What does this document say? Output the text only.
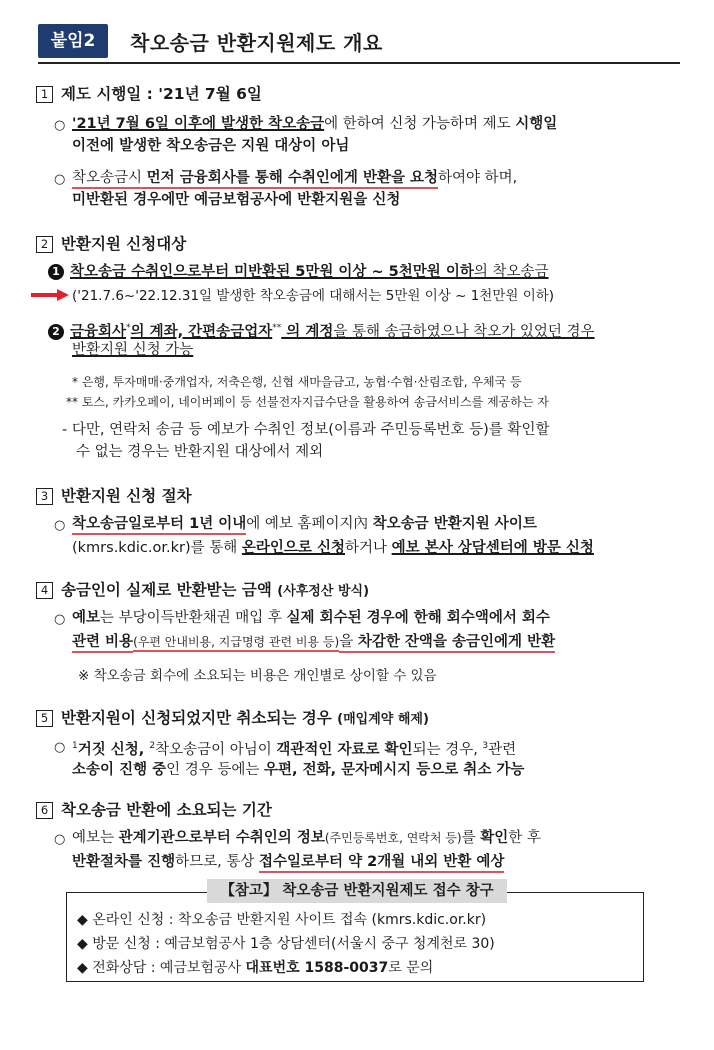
붙임2	착오송금 반환지원제도 개요
1 제도 시행일 : '21년 7월 6일
○ '21년 7월 6일 이후에 발생한 착오송금에 한하여 신청 가능하며 제도 시행일
이전에 발생한 착오송금은 지원 대상이 아님
○ 착오송금시 먼저 금융회사를 통해 수취인에게 반환을 요청하여야 하며,
미반환된 경우에만 예금보험공사에 반환지원을 신청
2 반환지원 신청대상
1 착오송금 수취인으로부터 미반환된 5만원 이상 ~ 5천만원 이하의 착오송금
('21.7.6~'22.12.31일 발생한 착오송금에 대해서는 5만원 이상 ~ 1천만원 이하)
2 금융회사*의 계좌, 간편송금업자** 의 계정을 통해 송금하였으나 착오가 있었던 경우
반환지원 신청 가능
* 은행, 투자매매·중개업자, 저축은행, 신협 새마을금고, 농협·수협·산림조합, 우체국 등
** 토스, 카카오페이, 네이버페이 등 선불전자지급수단을 활용하여 송금서비스를 제공하는 자
- 다만, 연락처 송금 등 예보가 수취인 정보(이름과 주민등록번호 등)를 확인할
수 없는 경우는 반환지원 대상에서 제외
3 반환지원 신청 절차
○ 착오송금일로부터 1년 이내에 예보 홈페이지內 착오송금 반환지원 사이트
(kmrs.kdic.or.kr)를 통해 온라인으로 신청하거나 예보 본사 상담센터에 방문 신청
4 송금인이 실제로 반환받는 금액 (사후정산 방식)
○ 예보는 부당이득반환채권 매입 후 실제 회수된 경우에 한해 회수액에서 회수
관련 비용(우편 안내비용, 지급명령 관련 비용 등)을 차감한 잔액을 송금인에게 반환
※ 착오송금 회수에 소요되는 비용은 개인별로 상이할 수 있음
5 반환지원이 신청되었지만 취소되는 경우 (매입계약 해제)
○ $^1$거짓 신청, $^2$착오송금이 아님이 객관적인 자료로 확인되는 경우, $^3$관련
소송이 진행 중인 경우 등에는 우편, 전화, 문자메시지 등으로 취소 가능
6 착오송금 반환에 소요되는 기간
○ 예보는 관계기관으로부터 수취인의 정보(주민등록번호, 연락처 등)를 확인한 후
반환절차를 진행하므로, 통상 접수일로부터 약 2개월 내외 반환 예상
【참고】 착오송금 반환지원제도 접수 창구
◆ 온라인 신청 : 착오송금 반환지원 사이트 접속 (kmrs.kdic.or.kr)
◆ 방문 신청 : 예금보험공사 1층 상담센터(서울시 중구 청계천로 30)
◆ 전화상담 : 예금보험공사 대표번호 1588-0037로 문의
